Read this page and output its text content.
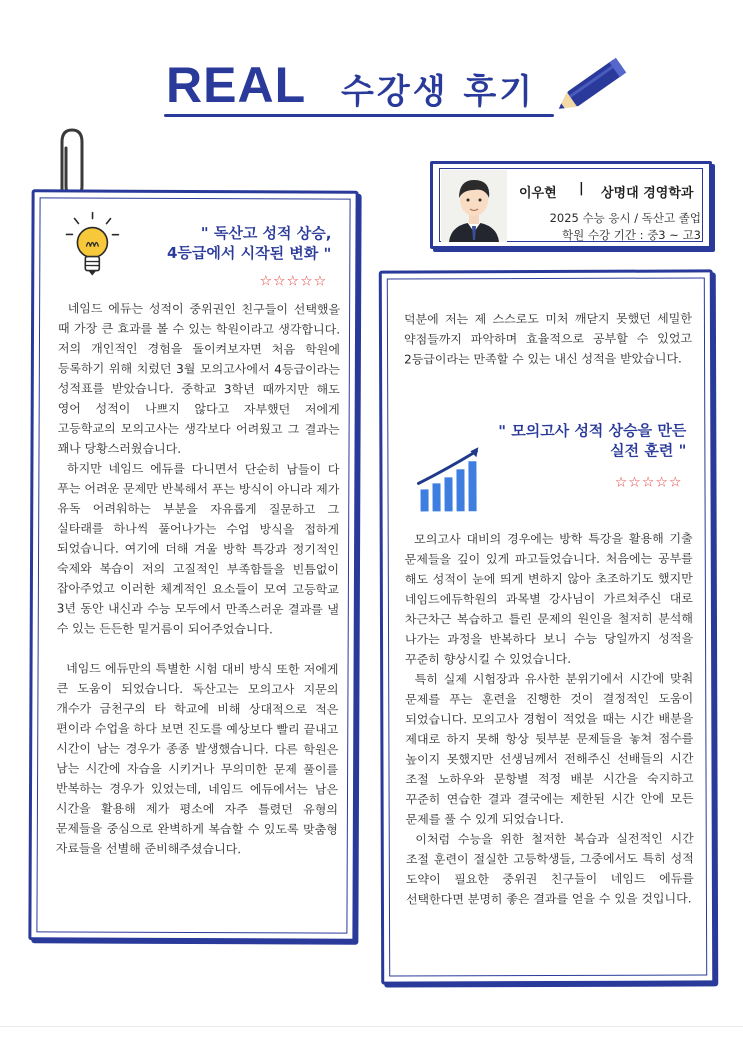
REAL 수강생 후기
이우현 | 상명대 경영학과
2025 수능 응시 / 독산고 졸업
학원 수강 기간 : 중3 ~ 고3
" 독산고 성적 상승,
4등급에서 시작된 변화 "
☆☆☆☆☆

네임드 에듀는 성적이 중위권인 친구들이 선택했을 때 가장 큰 효과를 볼 수 있는 학원이라고 생각합니다. 저의 개인적인 경험을 돌이켜보자면 처음 학원에 등록하기 위해 치렀던 3월 모의고사에서 4등급이라는 성적표를 받았습니다. 중학교 3학년 때까지만 해도 영어 성적이 나쁘지 않다고 자부했던 저에게 고등학교의 모의고사는 생각보다 어려웠고 그 결과는 꽤나 당황스러웠습니다.

하지만 네임드 에듀를 다니면서 단순히 남들이 다 푸는 어려운 문제만 반복해서 푸는 방식이 아니라 제가 유독 어려워하는 부분을 자유롭게 질문하고 그 실타래를 하나씩 풀어나가는 수업 방식을 접하게 되었습니다. 여기에 더해 겨울 방학 특강과 정기적인 숙제와 복습이 저의 고질적인 부족함들을 빈틈없이 잡아주었고 이러한 체계적인 요소들이 모여 고등학교 3년 동안 내신과 수능 모두에서 만족스러운 결과를 낼 수 있는 든든한 밑거름이 되어주었습니다.

네임드 에듀만의 특별한 시험 대비 방식 또한 저에게 큰 도움이 되었습니다. 독산고는 모의고사 지문의 개수가 금천구의 타 학교에 비해 상대적으로 적은 편이라 수업을 하다 보면 진도를 예상보다 빨리 끝내고 시간이 남는 경우가 종종 발생했습니다. 다른 학원은 남는 시간에 자습을 시키거나 무의미한 문제 풀이를 반복하는 경우가 있었는데, 네임드 에듀에서는 남은 시간을 활용해 제가 평소에 자주 틀렸던 유형의 문제들을 중심으로 완벽하게 복습할 수 있도록 맞춤형 자료들을 선별해 준비해주셨습니다.

덕분에 저는 제 스스로도 미처 깨닫지 못했던 세밀한 약점들까지 파악하며 효율적으로 공부할 수 있었고 2등급이라는 만족할 수 있는 내신 성적을 받았습니다.

" 모의고사 성적 상승을 만든
실전 훈련 "
☆☆☆☆☆

모의고사 대비의 경우에는 방학 특강을 활용해 기출 문제들을 깊이 있게 파고들었습니다. 처음에는 공부를 해도 성적이 눈에 띄게 변하지 않아 초조하기도 했지만 네임드에듀학원의 과목별 강사님이 가르쳐주신 대로 차근차근 복습하고 틀린 문제의 원인을 철저히 분석해 나가는 과정을 반복하다 보니 수능 당일까지 성적을 꾸준히 향상시킬 수 있었습니다.

특히 실제 시험장과 유사한 분위기에서 시간에 맞춰 문제를 푸는 훈련을 진행한 것이 결정적인 도움이 되었습니다. 모의고사 경험이 적었을 때는 시간 배분을 제대로 하지 못해 항상 뒷부분 문제들을 놓쳐 점수를 높이지 못했지만 선생님께서 전해주신 선배들의 시간 조절 노하우와 문항별 적정 배분 시간을 숙지하고 꾸준히 연습한 결과 결국에는 제한된 시간 안에 모든 문제를 풀 수 있게 되었습니다.

이처럼 수능을 위한 철저한 복습과 실전적인 시간 조절 훈련이 절실한 고등학생들, 그중에서도 특히 성적 도약이 필요한 중위권 친구들이 네임드 에듀를 선택한다면 분명히 좋은 결과를 얻을 수 있을 것입니다.
